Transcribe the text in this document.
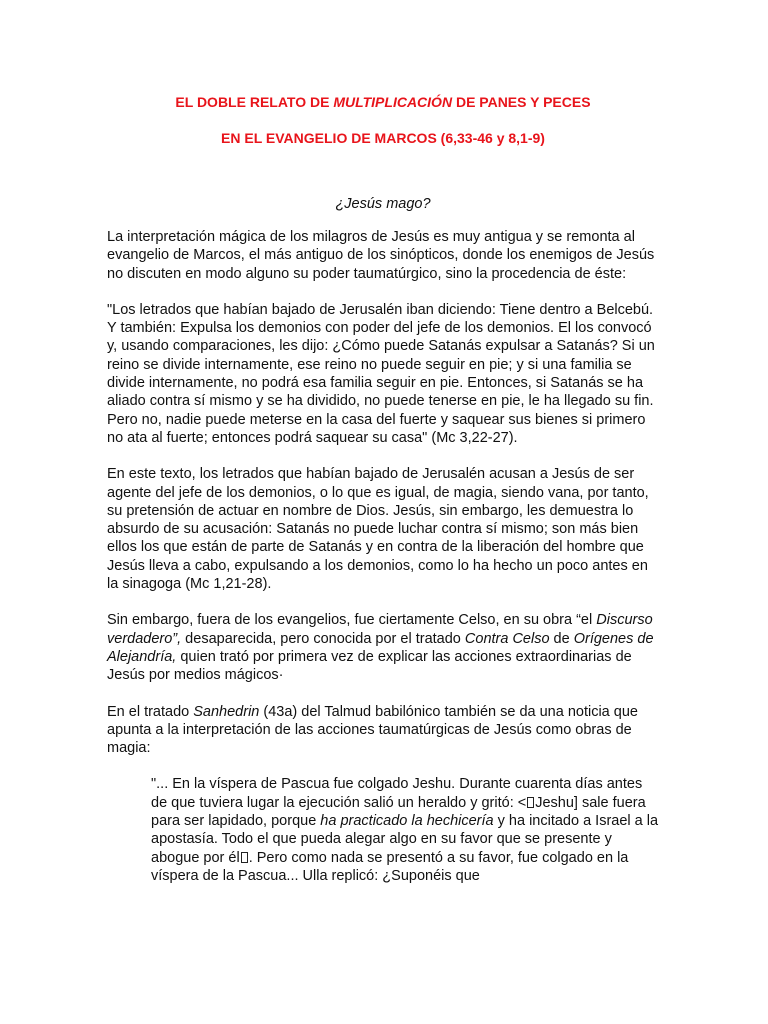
EL DOBLE RELATO DE MULTIPLICACIÓN DE PANES Y PECES
EN EL EVANGELIO DE MARCOS (6,33-46 y 8,1-9)

¿Jesús mago?

La interpretación mágica de los milagros de Jesús es muy antigua y se remonta al evangelio de Marcos, el más antiguo de los sinópticos, donde los enemigos de Jesús no discuten en modo alguno su poder taumatúrgico, sino la procedencia de éste:

"Los letrados que habían bajado de Jerusalén iban diciendo: Tiene dentro a Belcebú. Y también: Expulsa los demonios con poder del jefe de los demonios. El los convocó y, usando comparaciones, les dijo: ¿Cómo puede Satanás expulsar a Satanás? Si un reino se divide internamente, ese reino no puede seguir en pie; y si una familia se divide internamente, no podrá esa familia seguir en pie. Entonces, si Satanás se ha aliado contra sí mismo y se ha dividido, no puede tenerse en pie, le ha llegado su fin. Pero no, nadie puede meterse en la casa del fuerte y saquear sus bienes si primero no ata al fuerte; entonces podrá saquear su casa" (Mc 3,22-27).

En este texto, los letrados que habían bajado de Jerusalén acusan a Jesús de ser agente del jefe de los demonios, o lo que es igual, de magia, siendo vana, por tanto, su pretensión de actuar en nombre de Dios. Jesús, sin embargo, les demuestra lo absurdo de su acusación: Satanás no puede luchar contra sí mismo; son más bien ellos los que están de parte de Satanás y en contra de la liberación del hombre que Jesús lleva a cabo, expulsando a los demonios, como lo ha hecho un poco antes en la sinagoga (Mc 1,21-28).

Sin embargo, fuera de los evangelios, fue ciertamente Celso, en su obra “el Discurso verdadero”, desaparecida, pero conocida por el tratado Contra Celso de Orígenes de Alejandría, quien trató por primera vez de explicar las acciones extraordinarias de Jesús por medios mágicos·

En el tratado Sanhedrin (43a) del Talmud babilónico también se da una noticia que apunta a la interpretación de las acciones taumatúrgicas de Jesús como obras de magia:

"... En la víspera de Pascua fue colgado Jeshu. Durante cuarenta días antes de que tuviera lugar la ejecución salió un heraldo y gritó: < Jeshu] sale fuera para ser lapidado, porque ha practicado la hechicería y ha incitado a Israel a la apostasía. Todo el que pueda alegar algo en su favor que se presente y abogue por él . Pero como nada se presentó a su favor, fue colgado en la víspera de la Pascua... Ulla replicó: ¿Suponéis que
